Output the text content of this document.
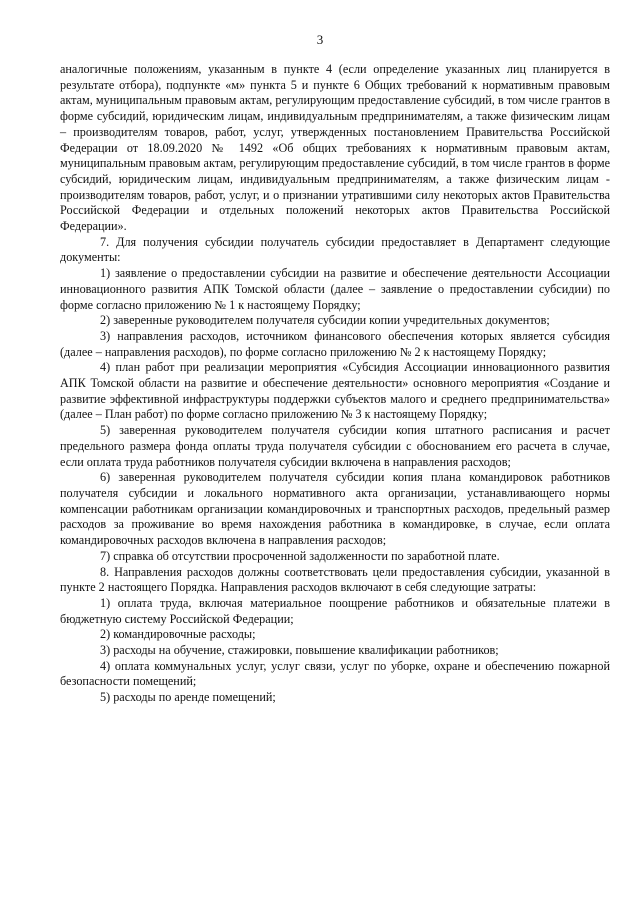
3

аналогичные положениям, указанным в пункте 4 (если определение указанных лиц планируется в результате отбора), подпункте «м» пункта 5 и пункте 6 Общих требований к нормативным правовым актам, муниципальным правовым актам, регулирующим предоставление субсидий, в том числе грантов в форме субсидий, юридическим лицам, индивидуальным предпринимателям, а также физическим лицам – производителям товаров, работ, услуг, утвержденных постановлением Правительства Российской Федерации от 18.09.2020 № 1492 «Об общих требованиях к нормативным правовым актам, муниципальным правовым актам, регулирующим предоставление субсидий, в том числе грантов в форме субсидий, юридическим лицам, индивидуальным предпринимателям, а также физическим лицам - производителям товаров, работ, услуг, и о признании утратившими силу некоторых актов Правительства Российской Федерации и отдельных положений некоторых актов Правительства Российской Федерации».

7. Для получения субсидии получатель субсидии предоставляет в Департамент следующие документы:

1) заявление о предоставлении субсидии на развитие и обеспечение деятельности Ассоциации инновационного развития АПК Томской области (далее – заявление о предоставлении субсидии) по форме согласно приложению № 1 к настоящему Порядку;

2) заверенные руководителем получателя субсидии копии учредительных документов;

3) направления расходов, источником финансового обеспечения которых является субсидия (далее – направления расходов), по форме согласно приложению № 2 к настоящему Порядку;

4) план работ при реализации мероприятия «Субсидия Ассоциации инновационного развития АПК Томской области на развитие и обеспечение деятельности» основного мероприятия «Создание и развитие эффективной инфраструктуры поддержки субъектов малого и среднего предпринимательства» (далее – План работ) по форме согласно приложению № 3 к настоящему Порядку;

5) заверенная руководителем получателя субсидии копия штатного расписания и расчет предельного размера фонда оплаты труда получателя субсидии с обоснованием его расчета в случае, если оплата труда работников получателя субсидии включена в направления расходов;

6) заверенная руководителем получателя субсидии копия плана командировок работников получателя субсидии и локального нормативного акта организации, устанавливающего нормы компенсации работникам организации командировочных и транспортных расходов, предельный размер расходов за проживание во время нахождения работника в командировке, в случае, если оплата командировочных расходов включена в направления расходов;

7) справка об отсутствии просроченной задолженности по заработной плате.

8. Направления расходов должны соответствовать цели предоставления субсидии, указанной в пункте 2 настоящего Порядка. Направления расходов включают в себя следующие затраты:

1) оплата труда, включая материальное поощрение работников и обязательные платежи в бюджетную систему Российской Федерации;

2) командировочные расходы;

3) расходы на обучение, стажировки, повышение квалификации работников;

4) оплата коммунальных услуг, услуг связи, услуг по уборке, охране и обеспечению пожарной безопасности помещений;

5) расходы по аренде помещений;
